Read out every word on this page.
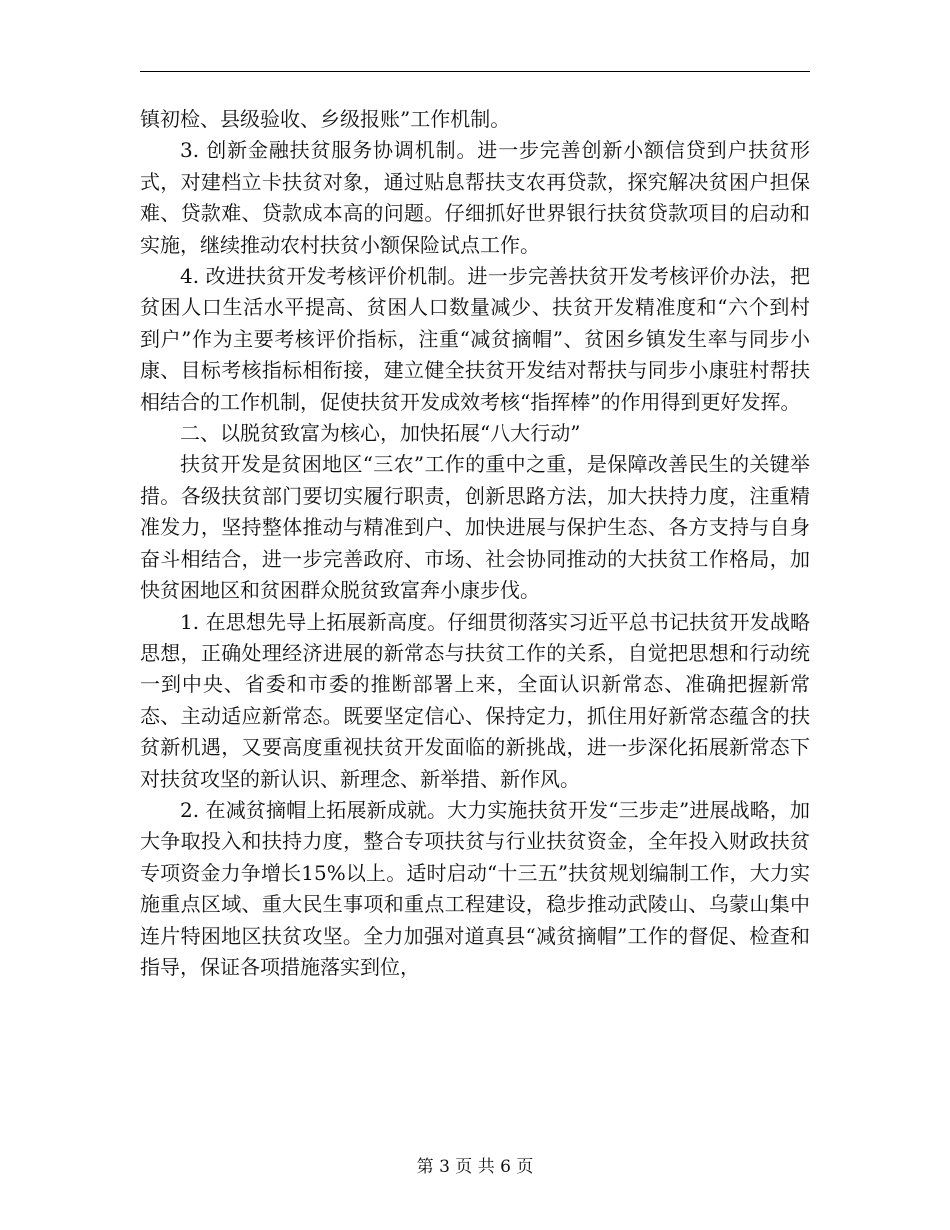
镇初检、县级验收、乡级报账”工作机制。

3. 创新金融扶贫服务协调机制。进一步完善创新小额信贷到户扶贫形式，对建档立卡扶贫对象，通过贴息帮扶支农再贷款，探究解决贫困户担保难、贷款难、贷款成本高的问题。仔细抓好世界银行扶贫贷款项目的启动和实施，继续推动农村扶贫小额保险试点工作。

4. 改进扶贫开发考核评价机制。进一步完善扶贫开发考核评价办法，把贫困人口生活水平提高、贫困人口数量减少、扶贫开发精准度和“六个到村到户”作为主要考核评价指标，注重“减贫摘帽”、贫困乡镇发生率与同步小康、目标考核指标相衔接，建立健全扶贫开发结对帮扶与同步小康驻村帮扶相结合的工作机制，促使扶贫开发成效考核“指挥棒”的作用得到更好发挥。

二、以脱贫致富为核心，加快拓展“八大行动”

扶贫开发是贫困地区“三农”工作的重中之重，是保障改善民生的关键举措。各级扶贫部门要切实履行职责，创新思路方法，加大扶持力度，注重精准发力，坚持整体推动与精准到户、加快进展与保护生态、各方支持与自身奋斗相结合，进一步完善政府、市场、社会协同推动的大扶贫工作格局，加快贫困地区和贫困群众脱贫致富奔小康步伐。

1. 在思想先导上拓展新高度。仔细贯彻落实习近平总书记扶贫开发战略思想，正确处理经济进展的新常态与扶贫工作的关系，自觉把思想和行动统一到中央、省委和市委的推断部署上来，全面认识新常态、准确把握新常态、主动适应新常态。既要坚定信心、保持定力，抓住用好新常态蕴含的扶贫新机遇，又要高度重视扶贫开发面临的新挑战，进一步深化拓展新常态下对扶贫攻坚的新认识、新理念、新举措、新作风。

2. 在减贫摘帽上拓展新成就。大力实施扶贫开发“三步走”进展战略，加大争取投入和扶持力度，整合专项扶贫与行业扶贫资金，全年投入财政扶贫专项资金力争增长15%以上。适时启动“十三五”扶贫规划编制工作，大力实施重点区域、重大民生事项和重点工程建设，稳步推动武陵山、乌蒙山集中连片特困地区扶贫攻坚。全力加强对道真县“减贫摘帽”工作的督促、检查和指导，保证各项措施落实到位，

第 3 页 共 6 页
